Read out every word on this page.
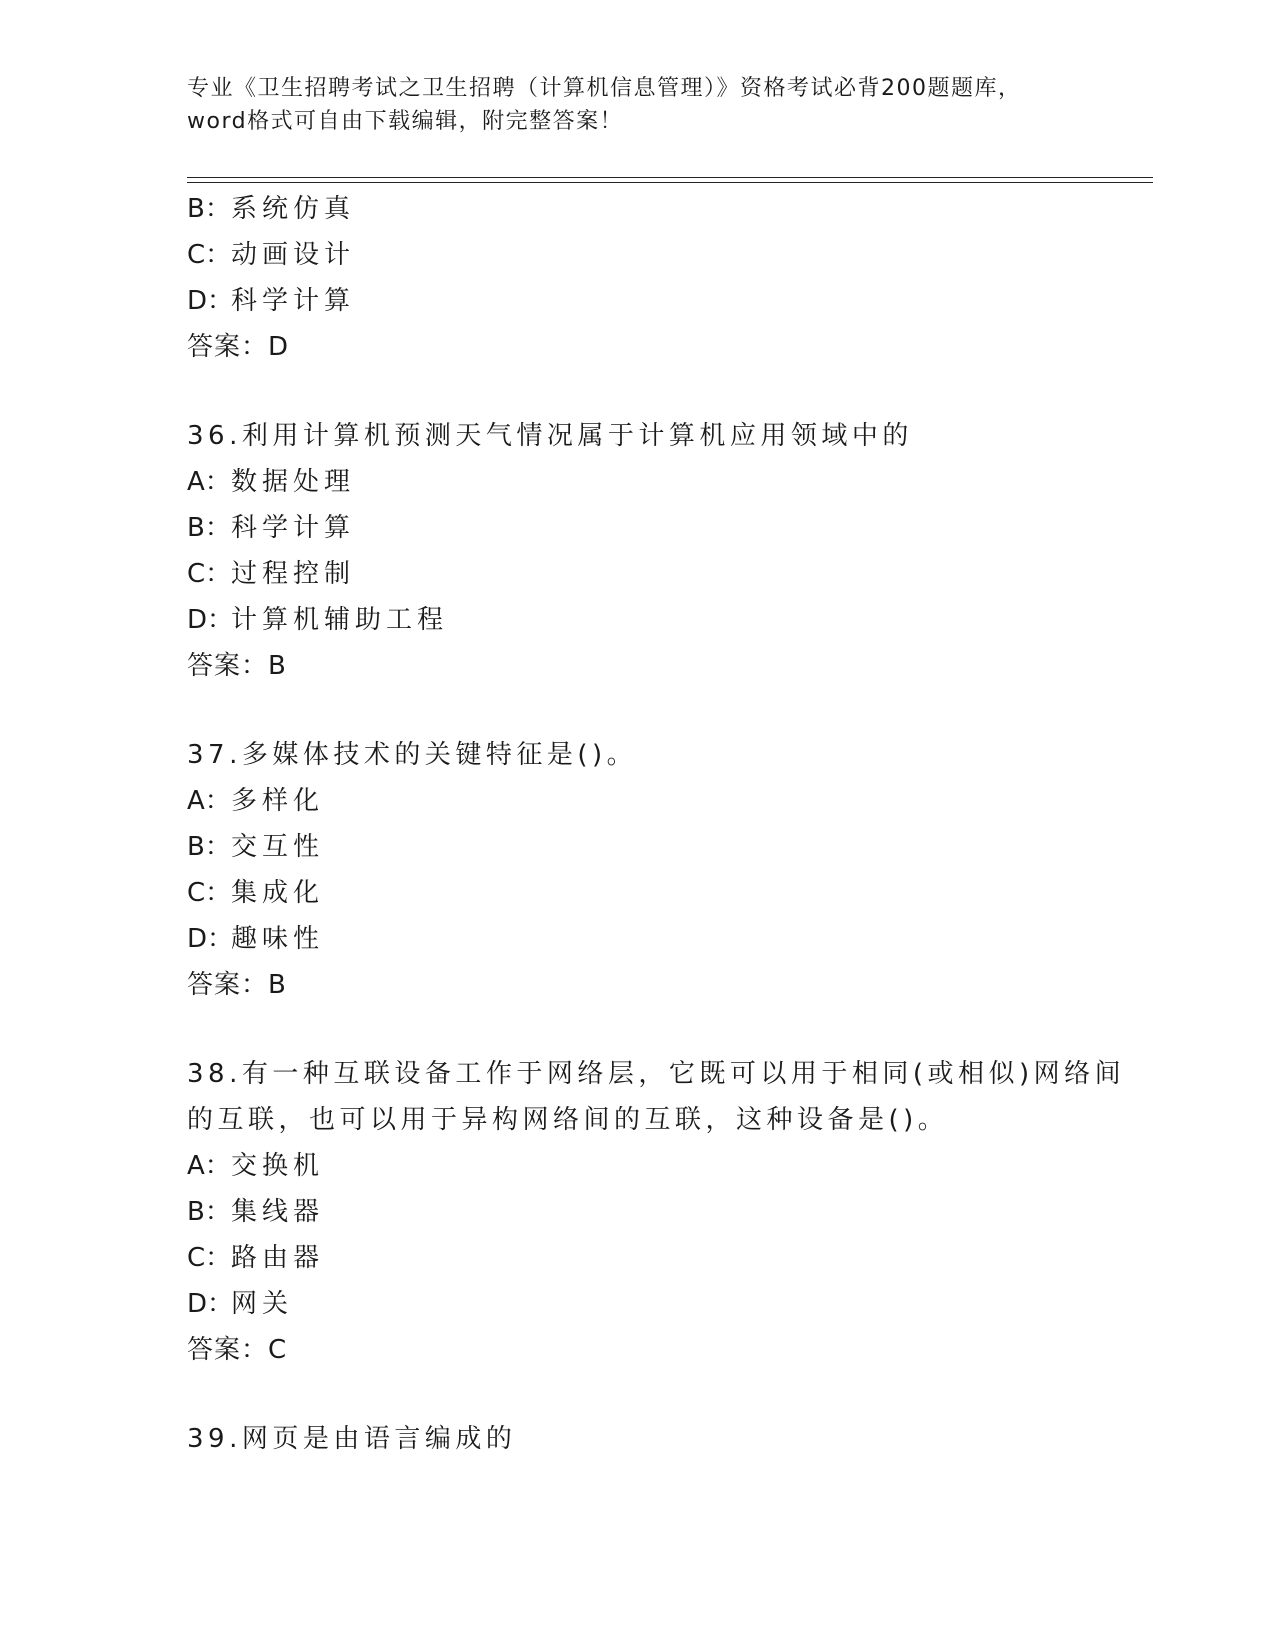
专业《卫生招聘考试之卫生招聘（计算机信息管理）》资格考试必背200题题库，
word格式可自由下载编辑，附完整答案！
B：系统仿真
C：动画设计
D：科学计算
答案：D
36.利用计算机预测天气情况属于计算机应用领域中的
A：数据处理
B：科学计算
C：过程控制
D：计算机辅助工程
答案：B
37.多媒体技术的关键特征是()。
A：多样化
B：交互性
C：集成化
D：趣味性
答案：B
38.有一种互联设备工作于网络层，它既可以用于相同(或相似)网络间
的互联，也可以用于异构网络间的互联，这种设备是()。
A：交换机
B：集线器
C：路由器
D：网关
答案：C
39.网页是由语言编成的
